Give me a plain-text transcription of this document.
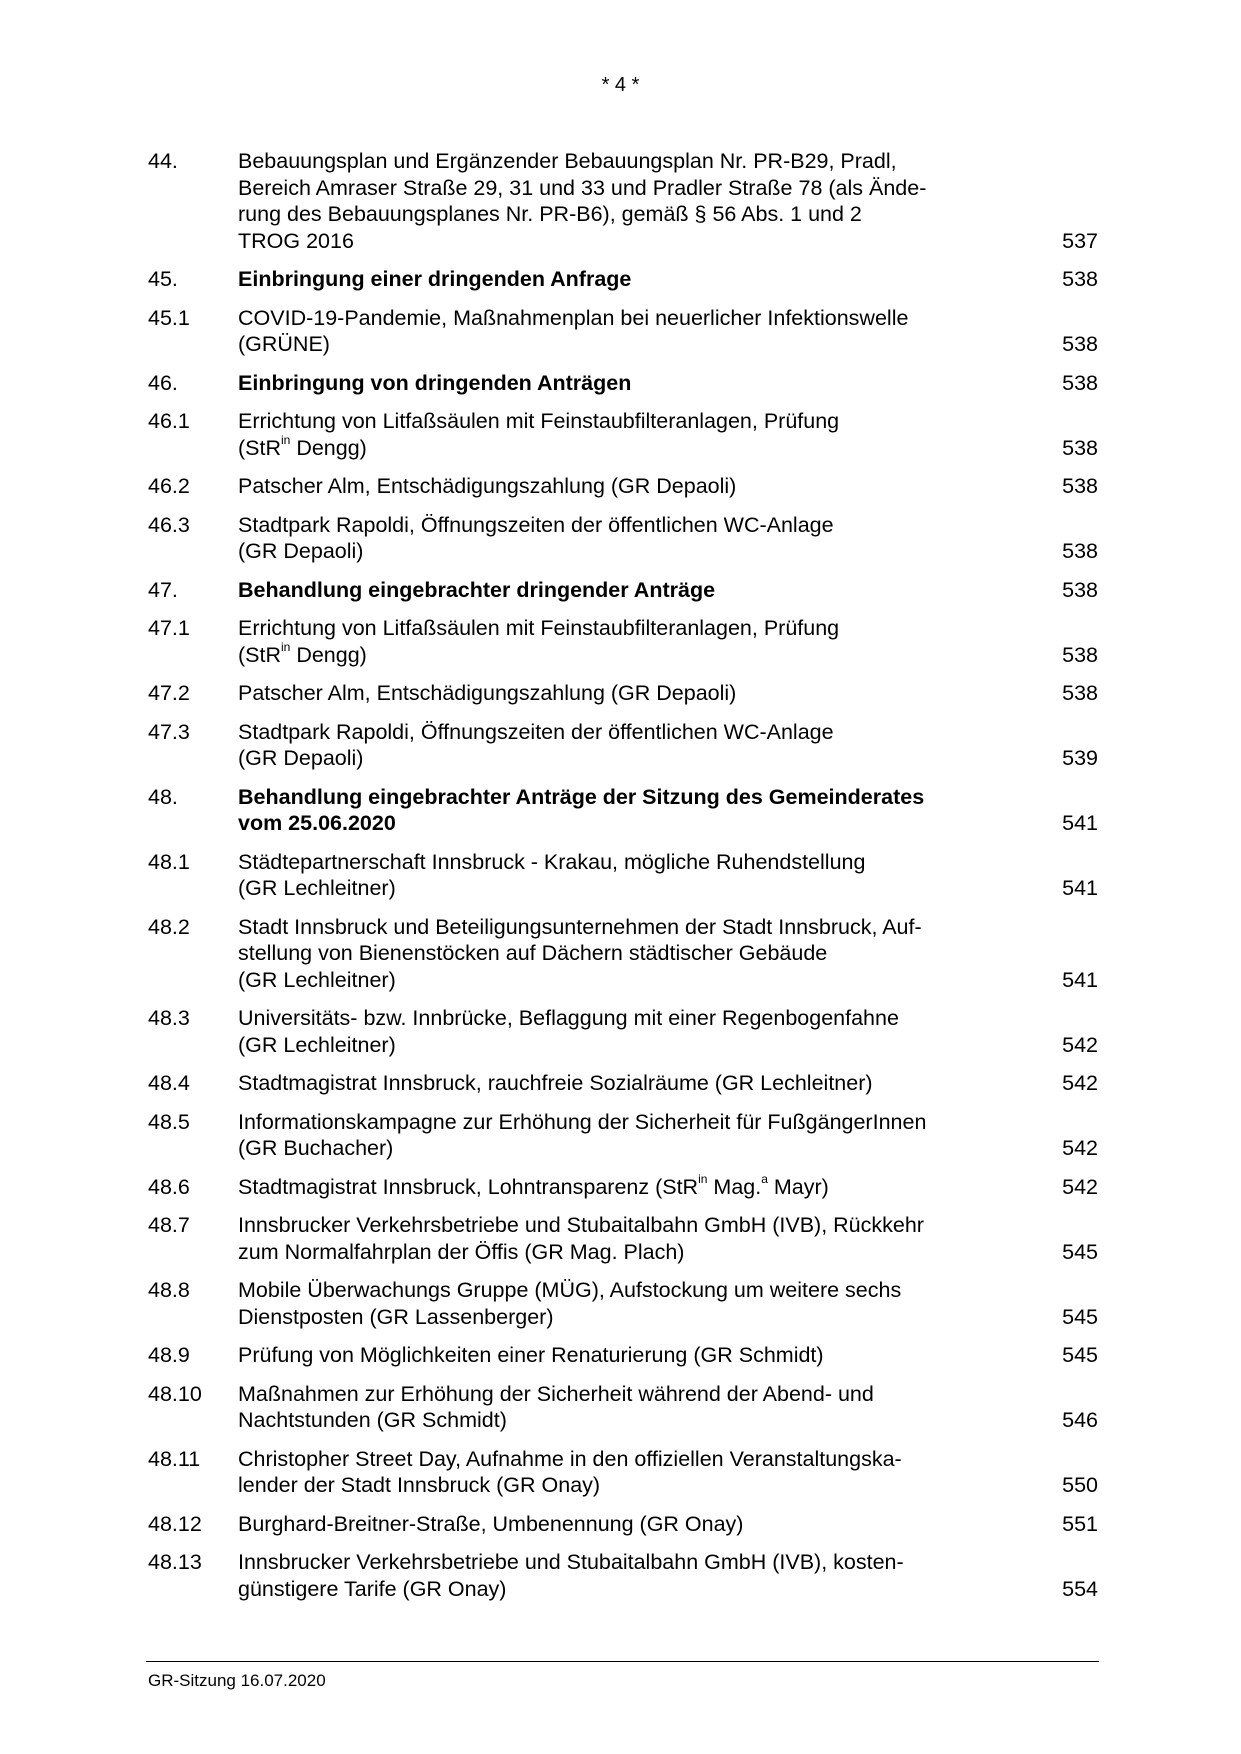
* 4 *
44.	Bebauungsplan und Ergänzender Bebauungsplan Nr. PR-B29, Pradl,
Bereich Amraser Straße 29, 31 und 33 und Pradler Straße 78 (als Ände-
rung des Bebauungsplanes Nr. PR-B6), gemäß § 56 Abs. 1 und 2
TROG 2016	537
45.	Einbringung einer dringenden Anfrage	538
45.1	COVID-19-Pandemie, Maßnahmenplan bei neuerlicher Infektionswelle
(GRÜNE)	538
46.	Einbringung von dringenden Anträgen	538
46.1	Errichtung von Litfaßsäulen mit Feinstaubfilteranlagen, Prüfung
(StR$^{in}$ Dengg)	538
46.2	Patscher Alm, Entschädigungszahlung (GR Depaoli)	538
46.3	Stadtpark Rapoldi, Öffnungszeiten der öffentlichen WC-Anlage
(GR Depaoli)	538
47.	Behandlung eingebrachter dringender Anträge	538
47.1	Errichtung von Litfaßsäulen mit Feinstaubfilteranlagen, Prüfung
(StR$^{in}$ Dengg)	538
47.2	Patscher Alm, Entschädigungszahlung (GR Depaoli)	538
47.3	Stadtpark Rapoldi, Öffnungszeiten der öffentlichen WC-Anlage
(GR Depaoli)	539
48.	Behandlung eingebrachter Anträge der Sitzung des Gemeinderates
vom 25.06.2020	541
48.1	Städtepartnerschaft Innsbruck - Krakau, mögliche Ruhendstellung
(GR Lechleitner)	541
48.2	Stadt Innsbruck und Beteiligungsunternehmen der Stadt Innsbruck, Auf-
stellung von Bienenstöcken auf Dächern städtischer Gebäude
(GR Lechleitner)	541
48.3	Universitäts- bzw. Innbrücke, Beflaggung mit einer Regenbogenfahne
(GR Lechleitner)	542
48.4	Stadtmagistrat Innsbruck, rauchfreie Sozialräume (GR Lechleitner)	542
48.5	Informationskampagne zur Erhöhung der Sicherheit für FußgängerInnen
(GR Buchacher)	542
48.6	Stadtmagistrat Innsbruck, Lohntransparenz (StR$^{in}$ Mag.$^a$ Mayr)	542
48.7	Innsbrucker Verkehrsbetriebe und Stubaitalbahn GmbH (IVB), Rückkehr
zum Normalfahrplan der Öffis (GR Mag. Plach)	545
48.8	Mobile Überwachungs Gruppe (MÜG), Aufstockung um weitere sechs
Dienstposten (GR Lassenberger)	545
48.9	Prüfung von Möglichkeiten einer Renaturierung (GR Schmidt)	545
48.10	Maßnahmen zur Erhöhung der Sicherheit während der Abend- und
Nachtstunden (GR Schmidt)	546
48.11	Christopher Street Day, Aufnahme in den offiziellen Veranstaltungska-
lender der Stadt Innsbruck (GR Onay)	550
48.12	Burghard-Breitner-Straße, Umbenennung (GR Onay)	551
48.13	Innsbrucker Verkehrsbetriebe und Stubaitalbahn GmbH (IVB), kosten-
günstigere Tarife (GR Onay)	554
GR-Sitzung 16.07.2020
